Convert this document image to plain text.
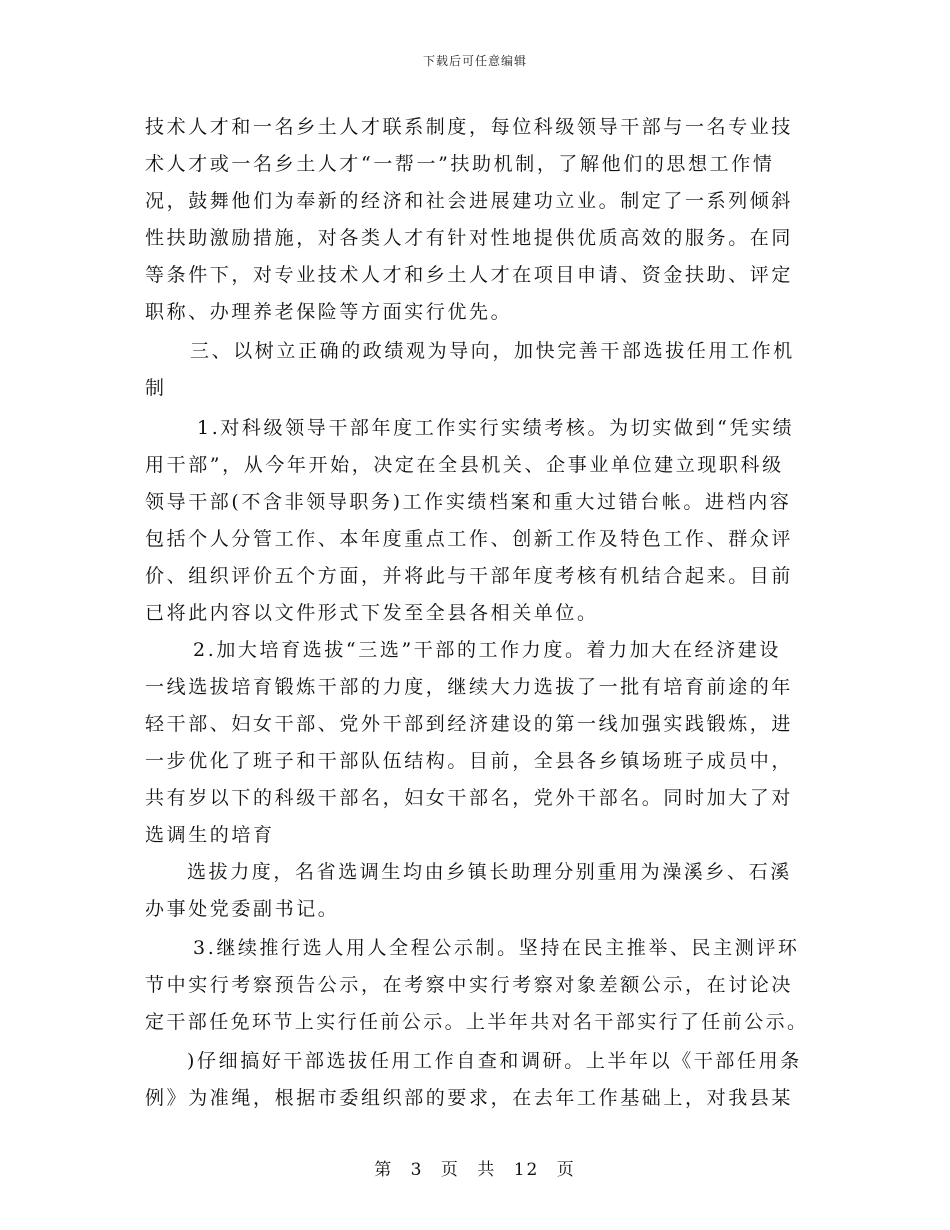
下载后可任意编辑
技术人才和一名乡土人才联系制度，每位科级领导干部与一名专业技
术人才或一名乡土人才“一帮一”扶助机制，了解他们的思想工作情
况，鼓舞他们为奉新的经济和社会进展建功立业。制定了一系列倾斜
性扶助激励措施，对各类人才有针对性地提供优质高效的服务。在同
等条件下，对专业技术人才和乡土人才在项目申请、资金扶助、评定
职称、办理养老保险等方面实行优先。
三、以树立正确的政绩观为导向，加快完善干部选拔任用工作机
制
1.对科级领导干部年度工作实行实绩考核。为切实做到“凭实绩
用干部”，从今年开始，决定在全县机关、企事业单位建立现职科级
领导干部(不含非领导职务)工作实绩档案和重大过错台帐。进档内容
包括个人分管工作、本年度重点工作、创新工作及特色工作、群众评
价、组织评价五个方面，并将此与干部年度考核有机结合起来。目前
已将此内容以文件形式下发至全县各相关单位。
2.加大培育选拔“三选”干部的工作力度。着力加大在经济建设
一线选拔培育锻炼干部的力度，继续大力选拔了一批有培育前途的年
轻干部、妇女干部、党外干部到经济建设的第一线加强实践锻炼，进
一步优化了班子和干部队伍结构。目前，全县各乡镇场班子成员中，
共有岁以下的科级干部名，妇女干部名，党外干部名。同时加大了对
选调生的培育
选拔力度，名省选调生均由乡镇长助理分别重用为澡溪乡、石溪
办事处党委副书记。
3.继续推行选人用人全程公示制。坚持在民主推举、民主测评环
节中实行考察预告公示，在考察中实行考察对象差额公示，在讨论决
定干部任免环节上实行任前公示。上半年共对名干部实行了任前公示。
)仔细搞好干部选拔任用工作自查和调研。上半年以《干部任用条
例》为准绳，根据市委组织部的要求，在去年工作基础上，对我县某
第 3 页 共 12 页
